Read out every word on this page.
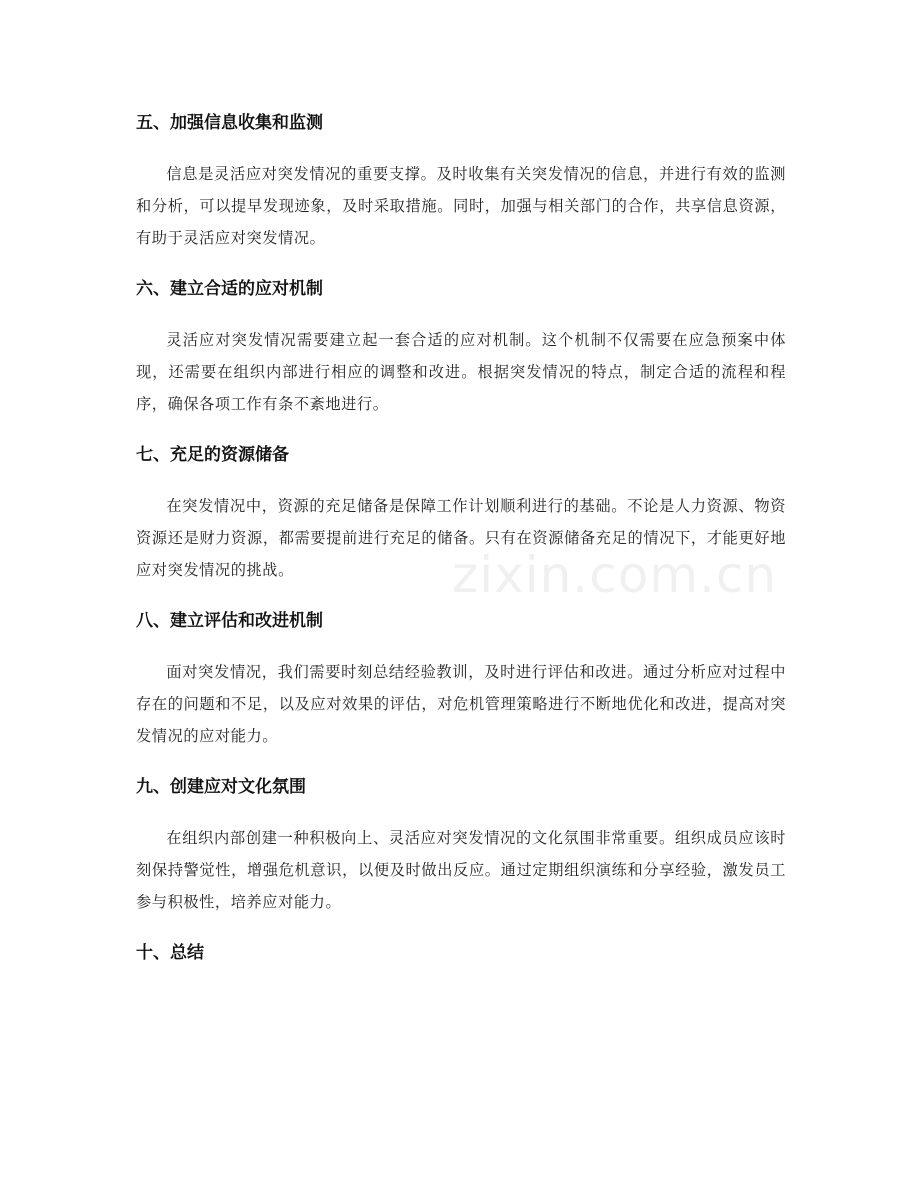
五、加强信息收集和监测

信息是灵活应对突发情况的重要支撑。及时收集有关突发情况的信息，并进行有效的监测和分析，可以提早发现迹象，及时采取措施。同时，加强与相关部门的合作，共享信息资源，有助于灵活应对突发情况。

六、建立合适的应对机制

灵活应对突发情况需要建立起一套合适的应对机制。这个机制不仅需要在应急预案中体现，还需要在组织内部进行相应的调整和改进。根据突发情况的特点，制定合适的流程和程序，确保各项工作有条不紊地进行。

七、充足的资源储备

在突发情况中，资源的充足储备是保障工作计划顺利进行的基础。不论是人力资源、物资资源还是财力资源，都需要提前进行充足的储备。只有在资源储备充足的情况下，才能更好地应对突发情况的挑战。

八、建立评估和改进机制

面对突发情况，我们需要时刻总结经验教训，及时进行评估和改进。通过分析应对过程中存在的问题和不足，以及应对效果的评估，对危机管理策略进行不断地优化和改进，提高对突发情况的应对能力。

九、创建应对文化氛围

在组织内部创建一种积极向上、灵活应对突发情况的文化氛围非常重要。组织成员应该时刻保持警觉性，增强危机意识，以便及时做出反应。通过定期组织演练和分享经验，激发员工参与积极性，培养应对能力。

十、总结
zixin.com.cn
